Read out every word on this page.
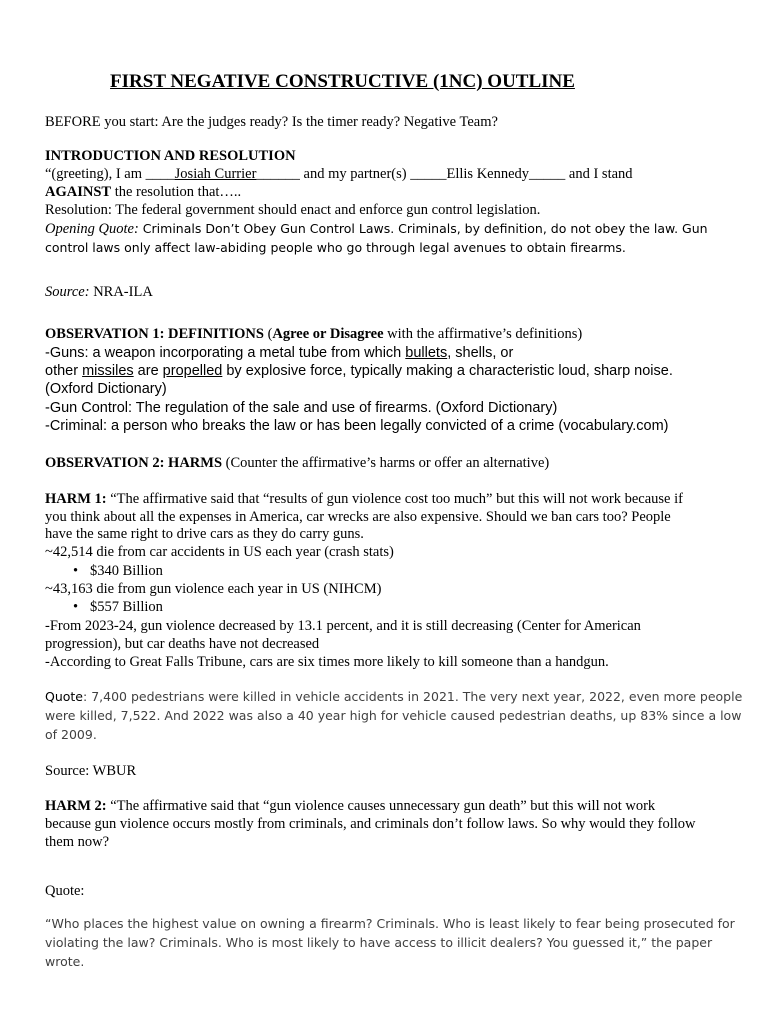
FIRST NEGATIVE CONSTRUCTIVE (1NC) OUTLINE
BEFORE you start: Are the judges ready? Is the timer ready? Negative Team?
INTRODUCTION AND RESOLUTION
“(greeting), I am ____Josiah Currier______ and my partner(s) _____Ellis Kennedy_____ and I stand
AGAINST the resolution that…..
Resolution: The federal government should enact and enforce gun control legislation.
Opening Quote: Criminals Don’t Obey Gun Control Laws. Criminals, by definition, do not obey the law. Gun
control laws only affect law-abiding people who go through legal avenues to obtain firearms.
Source: NRA-ILA
OBSERVATION 1: DEFINITIONS (Agree or Disagree with the affirmative’s definitions)
-Guns: a weapon incorporating a metal tube from which bullets, shells, or
other missiles are propelled by explosive force, typically making a characteristic loud, sharp noise.
(Oxford Dictionary)
-Gun Control: The regulation of the sale and use of firearms. (Oxford Dictionary)
-Criminal: a person who breaks the law or has been legally convicted of a crime (vocabulary.com)
OBSERVATION 2: HARMS (Counter the affirmative’s harms or offer an alternative)
HARM 1: “The affirmative said that “results of gun violence cost too much” but this will not work because if
you think about all the expenses in America, car wrecks are also expensive. Should we ban cars too? People
have the same right to drive cars as they do carry guns.
~42,514 die from car accidents in US each year (crash stats)
• $340 Billion
~43,163 die from gun violence each year in US (NIHCM)
• $557 Billion
-From 2023-24, gun violence decreased by 13.1 percent, and it is still decreasing (Center for American
progression), but car deaths have not decreased
-According to Great Falls Tribune, cars are six times more likely to kill someone than a handgun.
Quote: 7,400 pedestrians were killed in vehicle accidents in 2021. The very next year, 2022, even more people
were killed, 7,522. And 2022 was also a 40 year high for vehicle caused pedestrian deaths, up 83% since a low
of 2009.
Source: WBUR
HARM 2: “The affirmative said that “gun violence causes unnecessary gun death” but this will not work
because gun violence occurs mostly from criminals, and criminals don’t follow laws. So why would they follow
them now?
Quote:
“Who places the highest value on owning a firearm? Criminals. Who is least likely to fear being prosecuted for
violating the law? Criminals. Who is most likely to have access to illicit dealers? You guessed it,” the paper
wrote.
